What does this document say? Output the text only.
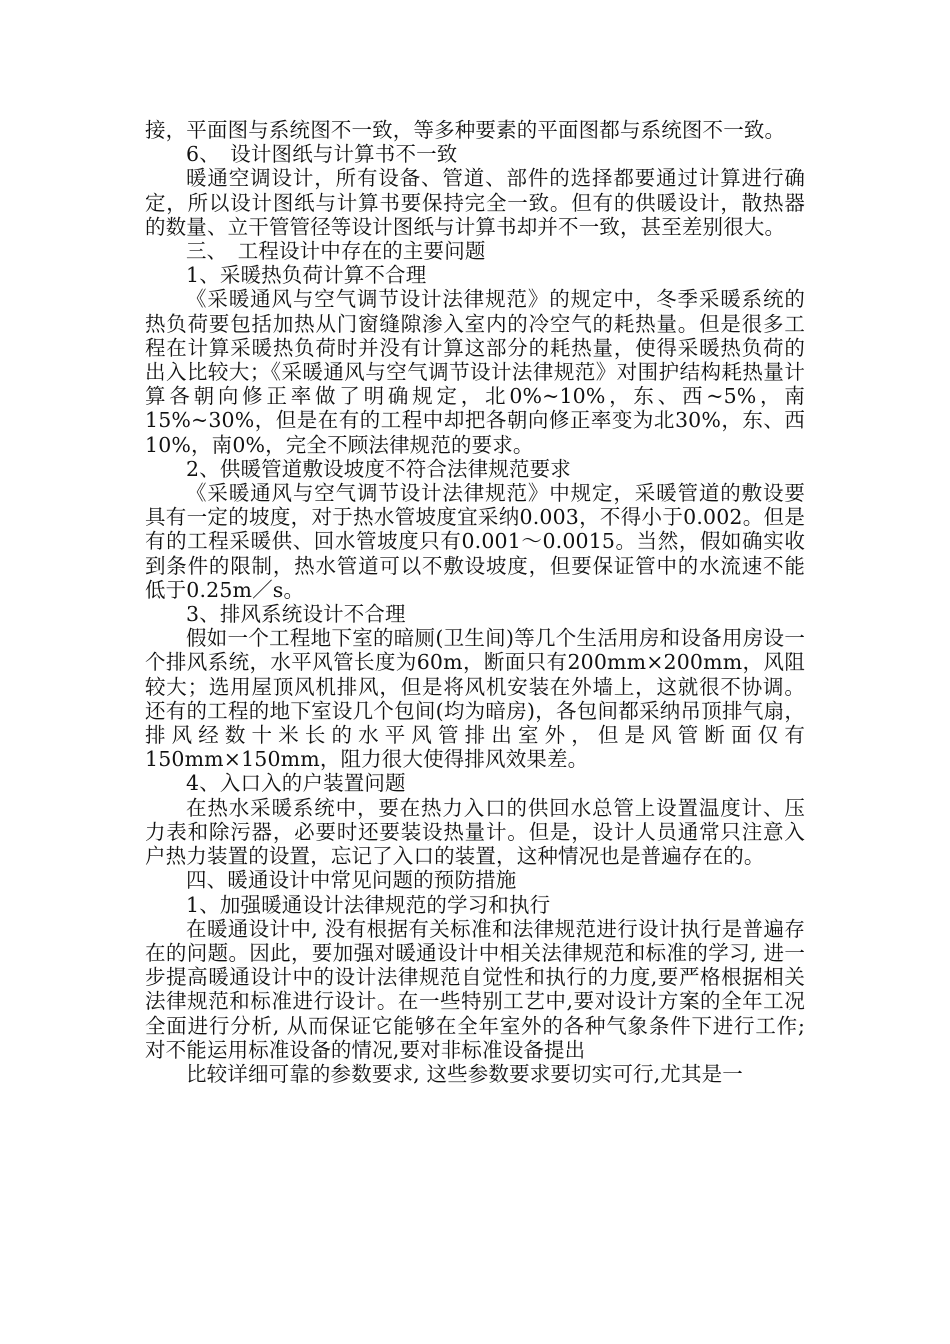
接，平面图与系统图不一致，等多种要素的平面图都与系统图不一致。

6、　设计图纸与计算书不一致

暖通空调设计，所有设备、管道、部件的选择都要通过计算进行确定，所以设计图纸与计算书要保持完全一致。但有的供暖设计，散热器的数量、立干管管径等设计图纸与计算书却并不一致，甚至差别很大。

三、　工程设计中存在的主要问题

1、采暖热负荷计算不合理

《采暖通风与空气调节设计法律规范》的规定中，冬季采暖系统的热负荷要包括加热从门窗缝隙渗入室内的冷空气的耗热量。但是很多工程在计算采暖热负荷时并没有计算这部分的耗热量，使得采暖热负荷的出入比较大；《采暖通风与空气调节设计法律规范》对围护结构耗热量计算各朝向修正率做了明确规定，北0%~10%，东、西~5%，南　15%~30%，但是在有的工程中却把各朝向修正率变为北30%，东、西10%，南0%，完全不顾法律规范的要求。

2、供暖管道敷设坡度不符合法律规范要求

《采暖通风与空气调节设计法律规范》中规定，采暖管道的敷设要具有一定的坡度，对于热水管坡度宜采纳0.003，不得小于0.002。但是有的工程采暖供、回水管坡度只有0.001～0.0015。当然，假如确实收到条件的限制，热水管道可以不敷设坡度，但要保证管中的水流速不能低于0.25m／s。

3、排风系统设计不合理

假如一个工程地下室的暗厕(卫生间)等几个生活用房和设备用房设一个排风系统，水平风管长度为60m，断面只有200mm×200mm，风阻较大；选用屋顶风机排风，但是将风机安装在外墙上，这就很不协调。还有的工程的地下室设几个包间(均为暗房)，各包间都采纳吊顶排气扇，排风经数十米长的水平风管排出室外，但是风管断面仅有150mm×150mm，阻力很大使得排风效果差。

4、入口入的户装置问题

在热水采暖系统中，要在热力入口的供回水总管上设置温度计、压力表和除污器，必要时还要装设热量计。但是，设计人员通常只注意入户热力装置的设置，忘记了入口的装置，这种情况也是普遍存在的。

四、暖通设计中常见问题的预防措施

1、加强暖通设计法律规范的学习和执行

在暖通设计中, 没有根据有关标准和法律规范进行设计执行是普遍存在的问题。因此，要加强对暖通设计中相关法律规范和标准的学习, 进一步提高暖通设计中的设计法律规范自觉性和执行的力度,要严格根据相关法律规范和标准进行设计。在一些特别工艺中,要对设计方案的全年工况全面进行分析, 从而保证它能够在全年室外的各种气象条件下进行工作; 对不能运用标准设备的情况,要对非标准设备提出

比较详细可靠的参数要求, 这些参数要求要切实可行,尤其是一
